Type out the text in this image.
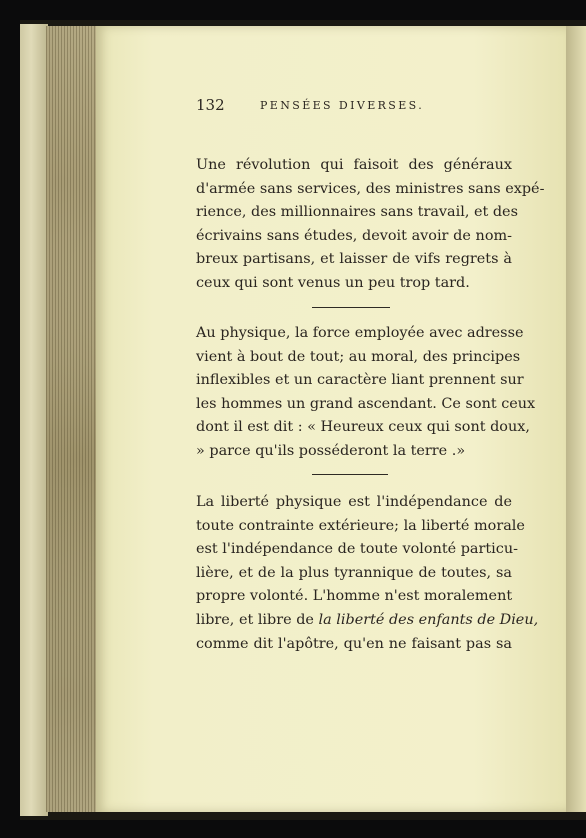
132	PENSÉES DIVERSES.
Une révolution qui faisoit des généraux
d'armée sans services, des ministres sans expé-
rience, des millionnaires sans travail, et des
écrivains sans études, devoit avoir de nom-
breux partisans, et laisser de vifs regrets à
ceux qui sont venus un peu trop tard.
Au physique, la force employée avec adresse
vient à bout de tout; au moral, des principes
inflexibles et un caractère liant prennent sur
les hommes un grand ascendant. Ce sont ceux
dont il est dit : « Heureux ceux qui sont doux,
» parce qu'ils posséderont la terre .»
La liberté physique est l'indépendance de
toute contrainte extérieure; la liberté morale
est l'indépendance de toute volonté particu-
lière, et de la plus tyrannique de toutes, sa
propre volonté. L'homme n'est moralement
libre, et libre de la liberté des enfants de Dieu,
comme dit l'apôtre, qu'en ne faisant pas sa
